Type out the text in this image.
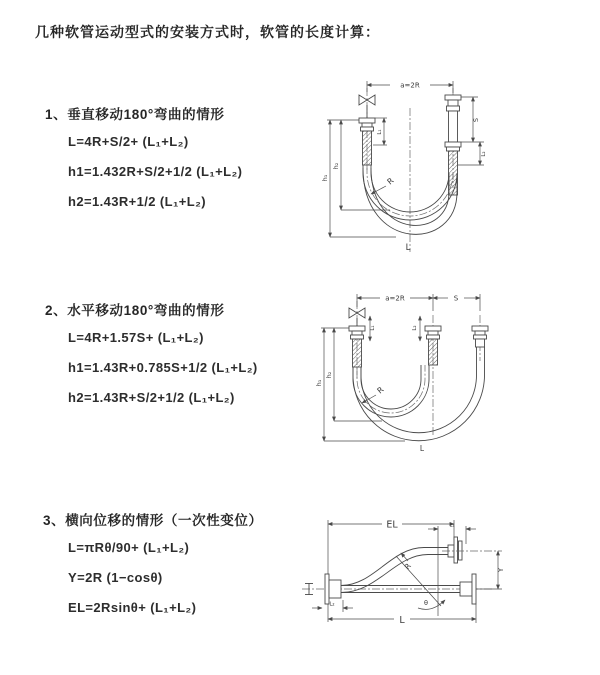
几种软管运动型式的安装方式时，软管的长度计算：
1、垂直移动180°弯曲的情形
L=4R+S/2+ (L₁+L₂)
h1=1.432R+S/2+1/2 (L₁+L₂)
h2=1.43R+1/2 (L₁+L₂)
2、水平移动180°弯曲的情形
L=4R+1.57S+ (L₁+L₂)
h1=1.43R+0.785S+1/2 (L₁+L₂)
h2=1.43R+S/2+1/2 (L₁+L₂)
3、横向位移的情形（一次性变位）
L=πRθ/90+ (L₁+L₂)
Y=2R (1−cosθ)
EL=2Rsinθ+ (L₁+L₂)
a=2R
h₁
h₂
L₁
S
L₂
R
L
a=2R	S
h₁
h₂
L₁	L₂
R
L
EL	L₁
θ
R	Y
L
L₂
